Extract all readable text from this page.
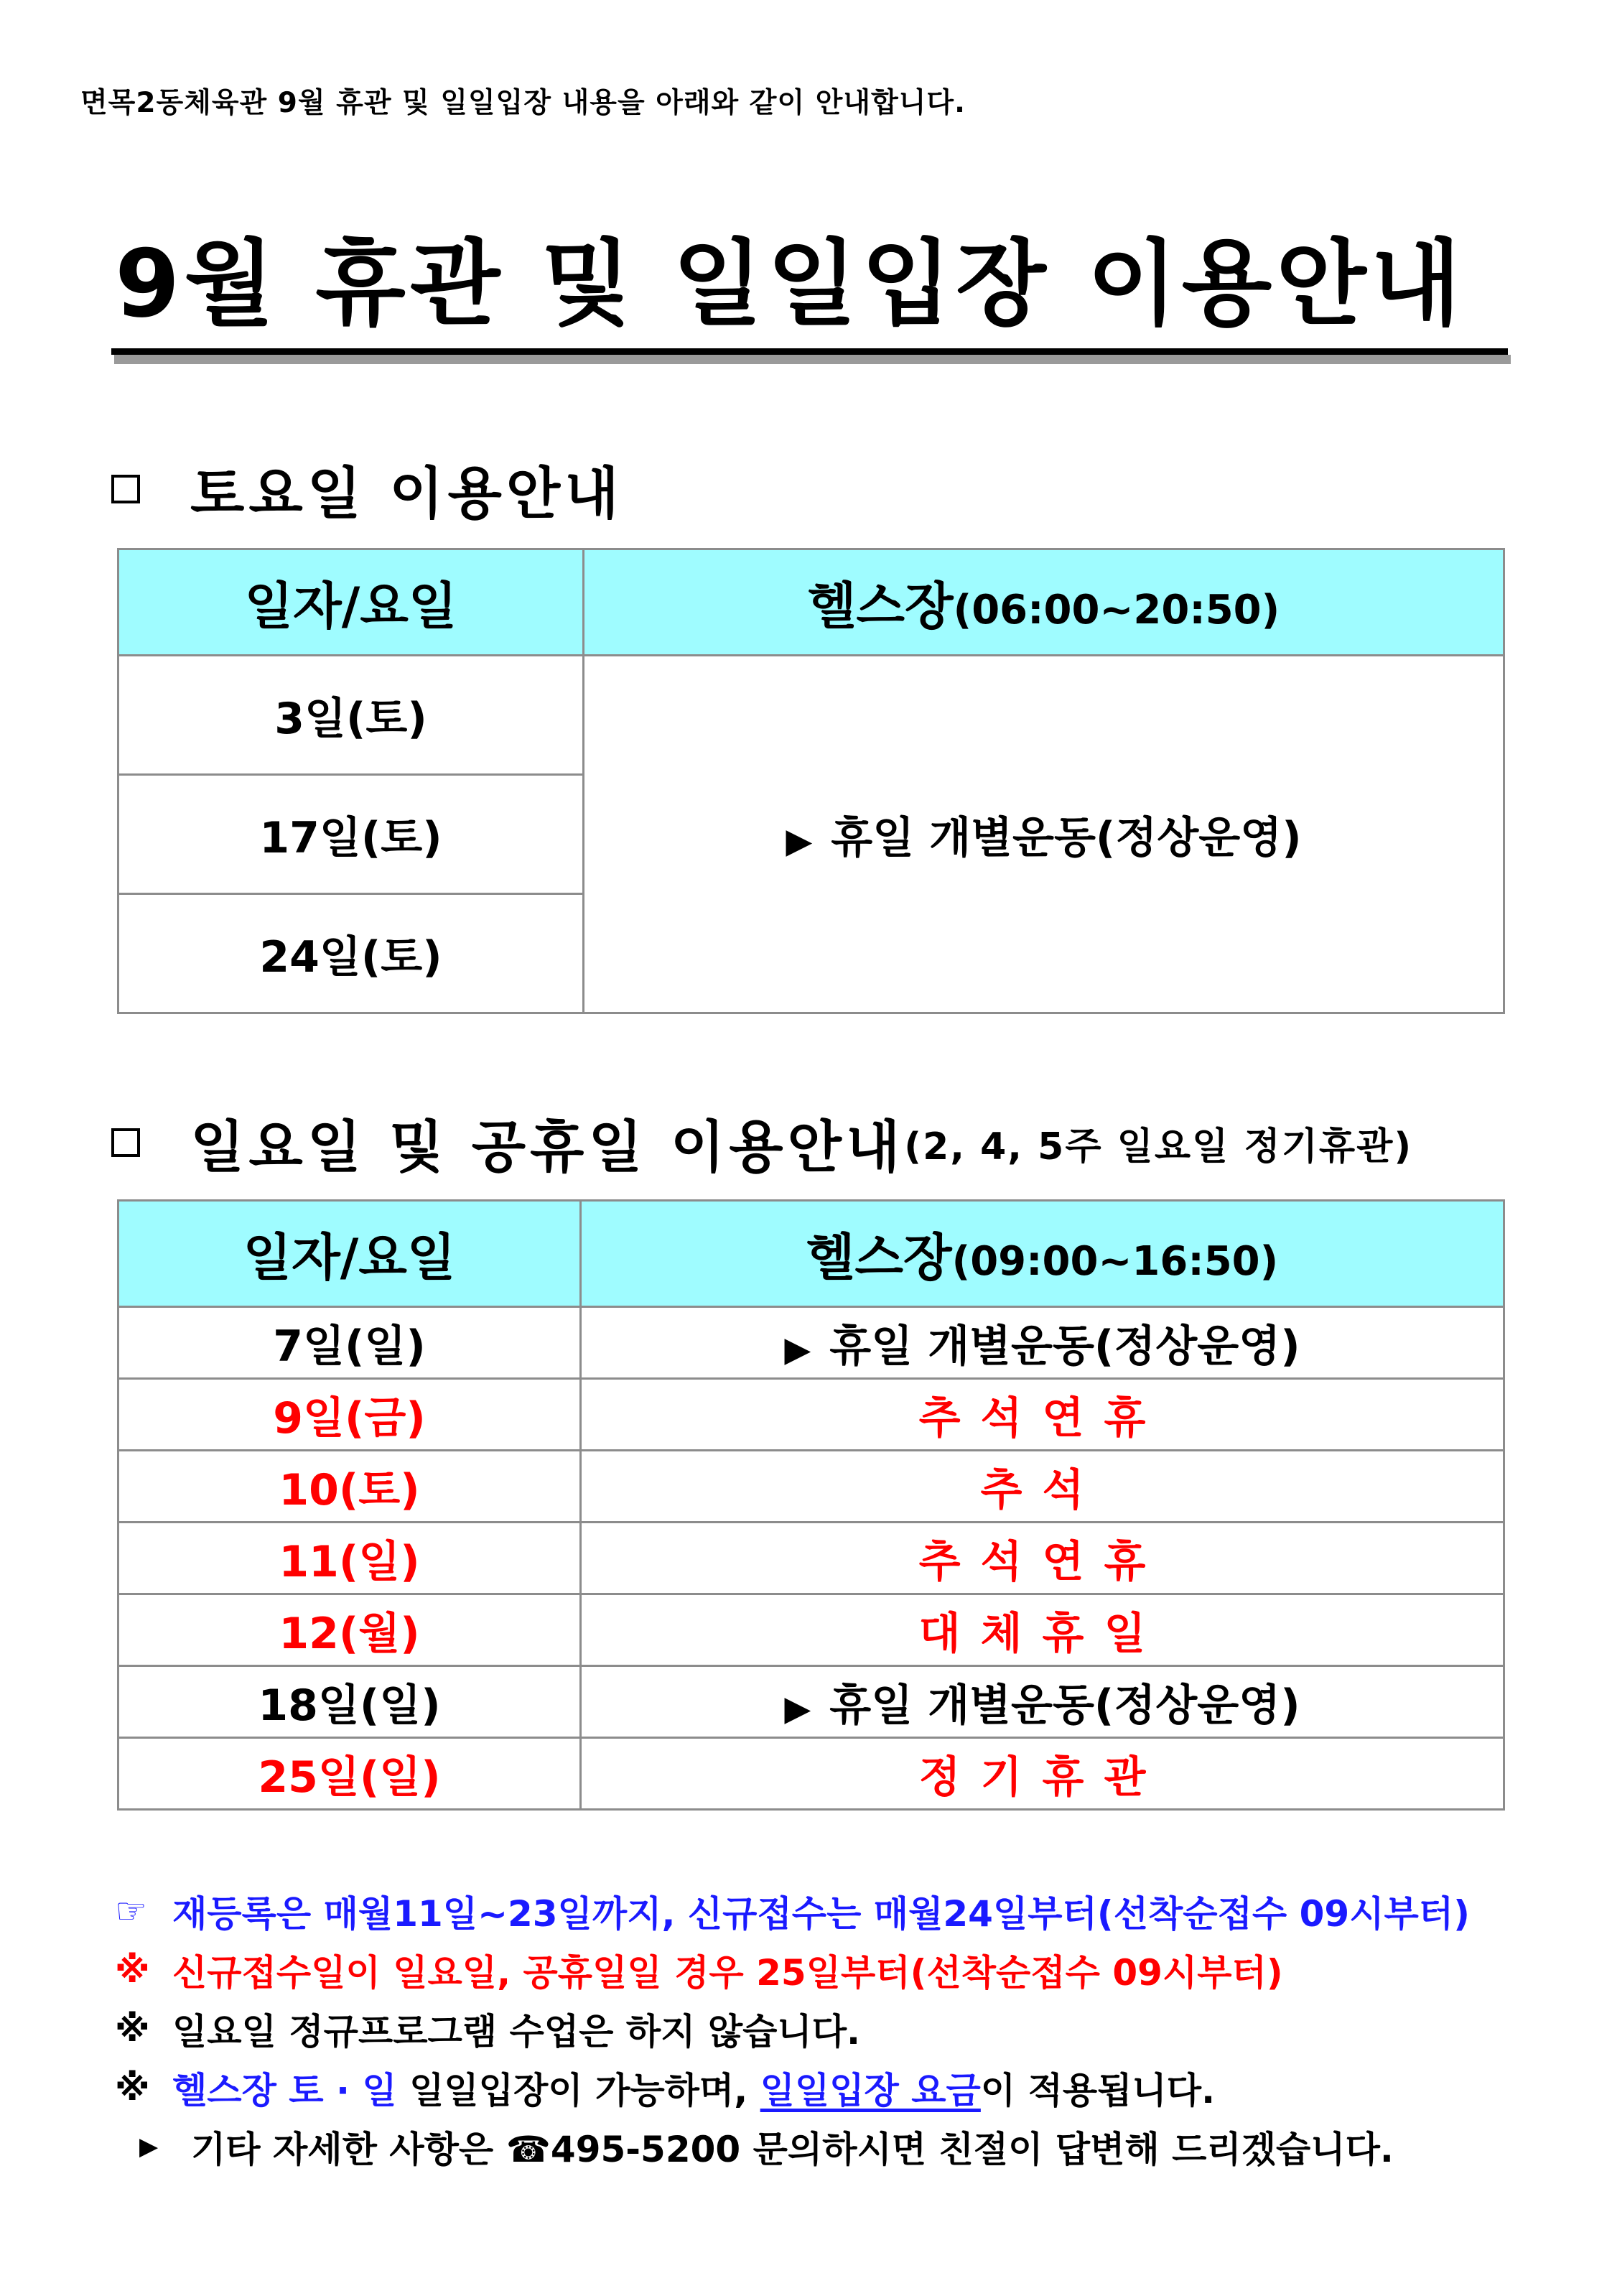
면목2동체육관 9월 휴관 및 일일입장 내용을 아래와 같이 안내합니다.
9월 휴관 및 일일입장 이용안내
토요일 이용안내
일자/요일	헬스장(06:00~20:50)
3일(토)	▶ 휴일 개별운동(정상운영)
17일(토)	
24일(토)	
일요일 및 공휴일 이용안내 (2, 4, 5주 일요일 정기휴관)
일자/요일	헬스장(09:00~16:50)
7일(일)	▶ 휴일 개별운동(정상운영)
9일(금)	추석연휴
10(토)	추석
11(일)	추석연휴
12(월)	대체휴일
18일(일)	▶ 휴일 개별운동(정상운영)
25일(일)	정기휴관
☞ 재등록은 매월11일~23일까지, 신규접수는 매월24일부터(선착순접수 09시부터)
※ 신규접수일이 일요일, 공휴일일 경우 25일부터(선착순접수 09시부터)
※ 일요일 정규프로그램 수업은 하지 않습니다.
※ 헬스장 토 · 일 일일입장이 가능하며, 일일입장 요금 이 적용됩니다.
▶ 기타 자세한 사항은 ☎495-5200 문의하시면 친절이 답변해 드리겠습니다.
